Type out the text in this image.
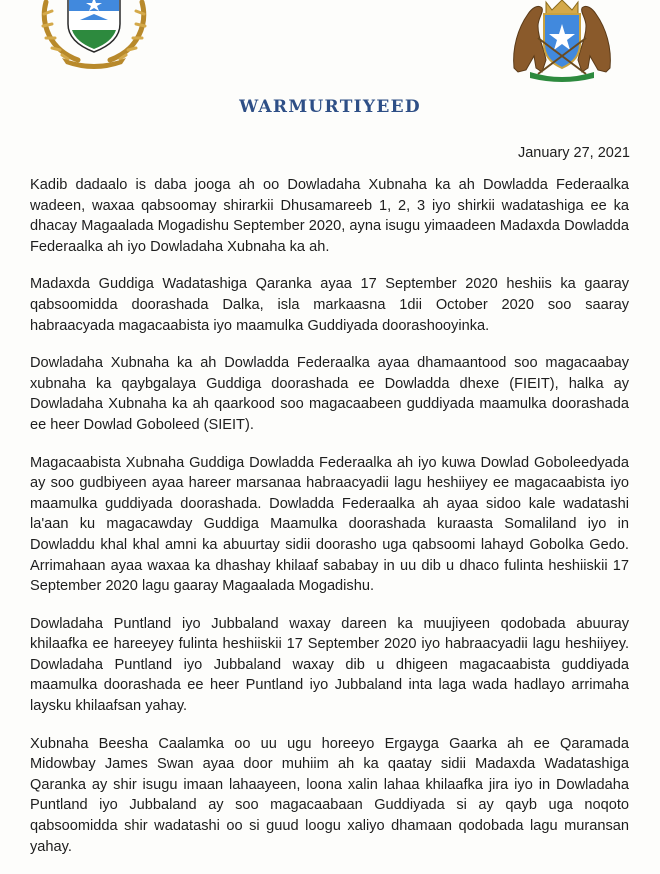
WARMURTIYEED

January 27, 2021

Kadib dadaalo is daba jooga ah oo Dowladaha Xubnaha ka ah Dowladda Federaalka wadeen, waxaa qabsoomay shirarkii Dhusamareeb 1, 2, 3 iyo shirkii wadatashiga ee ka dhacay Magaalada Mogadishu September 2020, ayna isugu yimaadeen Madaxda Dowladda Federaalka ah iyo Dowladaha Xubnaha ka ah.

Madaxda Guddiga Wadatashiga Qaranka ayaa 17 September 2020 heshiis ka gaaray qabsoomidda doorashada Dalka, isla markaasna 1dii October 2020 soo saaray habraacyada magacaabista iyo maamulka Guddiyada doorashooyinka.

Dowladaha Xubnaha ka ah Dowladda Federaalka ayaa dhamaantood soo magacaabay xubnaha ka qaybgalaya Guddiga doorashada ee Dowladda dhexe (FIEIT), halka ay Dowladaha Xubnaha ka ah qaarkood soo magacaabeen guddiyada maamulka doorashada ee heer Dowlad Goboleed (SIEIT).

Magacaabista Xubnaha Guddiga Dowladda Federaalka ah iyo kuwa Dowlad Goboleedyada ay soo gudbiyeen ayaa hareer marsanaa habraacyadii lagu heshiiyey ee magacaabista iyo maamulka guddiyada doorashada. Dowladda Federaalka ah ayaa sidoo kale wadatashi la'aan ku magacawday Guddiga Maamulka doorashada kuraasta Somaliland iyo in Dowladdu khal khal amni ka abuurtay sidii doorasho uga qabsoomi lahayd Gobolka Gedo. Arrimahaan ayaa waxaa ka dhashay khilaaf sababay in uu dib u dhaco fulinta heshiiskii 17 September 2020 lagu gaaray Magaalada Mogadishu.

Dowladaha Puntland iyo Jubbaland waxay dareen ka muujiyeen qodobada abuuray khilaafka ee hareeyey fulinta heshiiskii 17 September 2020 iyo habraacyadii lagu heshiiyey. Dowladaha Puntland iyo Jubbaland waxay dib u dhigeen magacaabista guddiyada maamulka doorashada ee heer Puntland iyo Jubbaland inta laga wada hadlayo arrimaha laysku khilaafsan yahay.

Xubnaha Beesha Caalamka oo uu ugu horeeyo Ergayga Gaarka ah ee Qaramada Midowbay James Swan ayaa door muhiim ah ka qaatay sidii Madaxda Wadatashiga Qaranka ay shir isugu imaan lahaayeen, loona xalin lahaa khilaafka jira iyo in Dowladaha Puntland iyo Jubbaland ay soo magacaabaan Guddiyada si ay qayb uga noqoto qabsoomidda shir wadatashi oo si guud loogu xaliyo dhamaan qodobada lagu muransan yahay.
